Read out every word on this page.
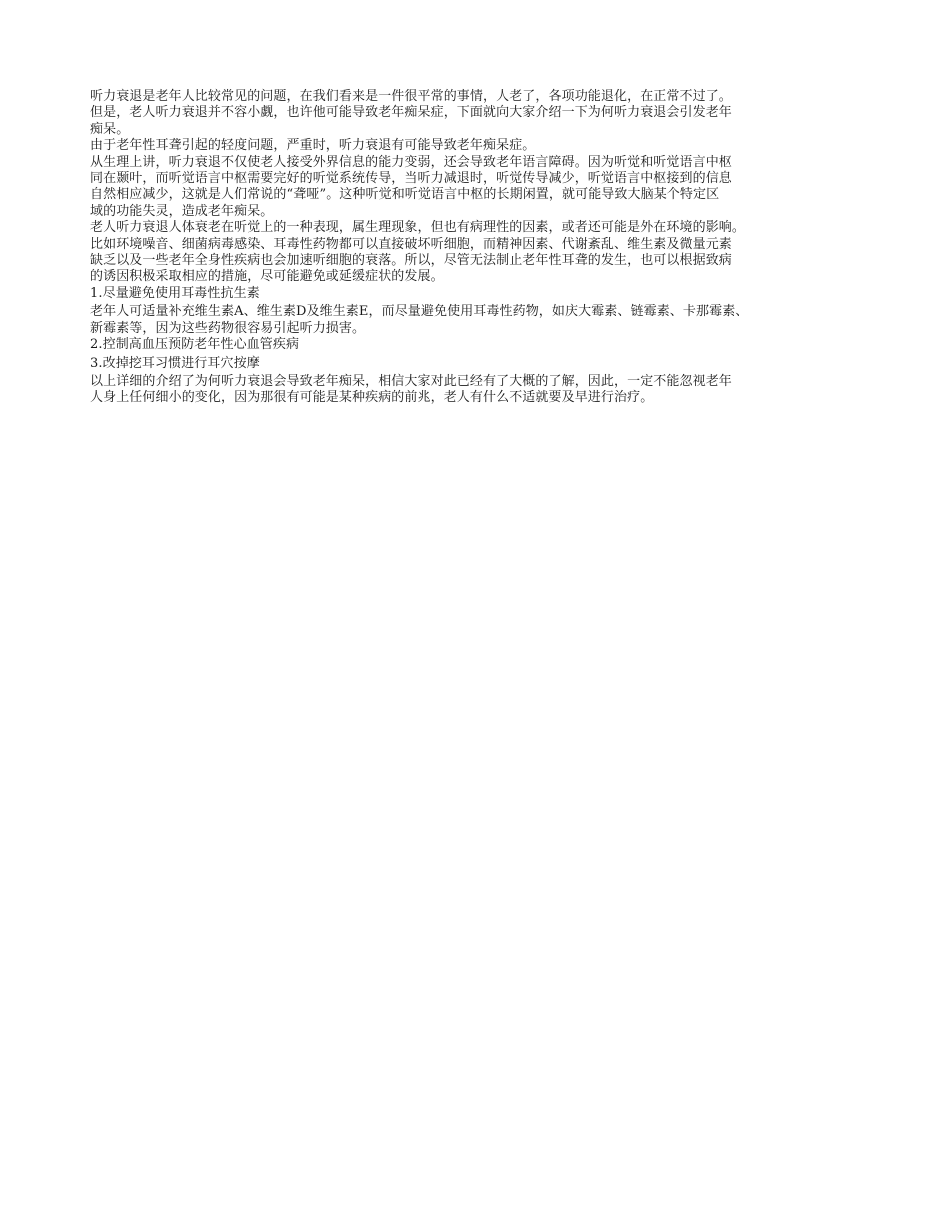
听力衰退是老年人比较常见的问题，在我们看来是一件很平常的事情，人老了，各项功能退化，在正常不过了。
但是，老人听力衰退并不容小觑，也许他可能导致老年痴呆症，下面就向大家介绍一下为何听力衰退会引发老年
痴呆。
由于老年性耳聋引起的轻度问题，严重时，听力衰退有可能导致老年痴呆症。
从生理上讲，听力衰退不仅使老人接受外界信息的能力变弱，还会导致老年语言障碍。因为听觉和听觉语言中枢
同在颞叶，而听觉语言中枢需要完好的听觉系统传导，当听力减退时，听觉传导减少，听觉语言中枢接到的信息
自然相应减少，这就是人们常说的“聋哑”。这种听觉和听觉语言中枢的长期闲置，就可能导致大脑某个特定区
域的功能失灵，造成老年痴呆。
老人听力衰退人体衰老在听觉上的一种表现，属生理现象，但也有病理性的因素，或者还可能是外在环境的影响。
比如环境噪音、细菌病毒感染、耳毒性药物都可以直接破坏听细胞，而精神因素、代谢紊乱、维生素及微量元素
缺乏以及一些老年全身性疾病也会加速听细胞的衰落。所以，尽管无法制止老年性耳聋的发生，也可以根据致病
的诱因积极采取相应的措施，尽可能避免或延缓症状的发展。
1.尽量避免使用耳毒性抗生素
老年人可适量补充维生素A、维生素D及维生素E，而尽量避免使用耳毒性药物，如庆大霉素、链霉素、卡那霉素、
新霉素等，因为这些药物很容易引起听力损害。
2.控制高血压预防老年性心血管疾病
3.改掉挖耳习惯进行耳穴按摩
以上详细的介绍了为何听力衰退会导致老年痴呆，相信大家对此已经有了大概的了解，因此，一定不能忽视老年
人身上任何细小的变化，因为那很有可能是某种疾病的前兆，老人有什么不适就要及早进行治疗。
